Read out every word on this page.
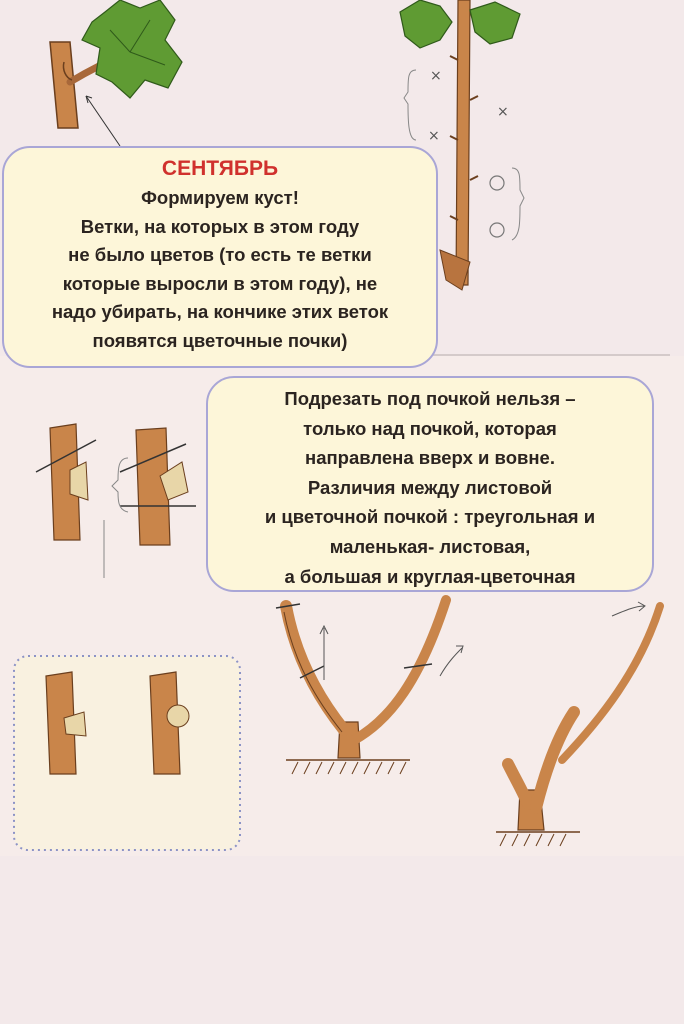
×
×
×
СЕНТЯБРЬ
Формируем куст!
Ветки, на которых в этом году
не было цветов (то есть те ветки
которые выросли в этом году), не
надо убирать, на кончике этих веток
появятся цветочные почки)
Подрезать под почкой нельзя –
только над почкой, которая
направлена вверх и вовне.
Различия между листовой
и цветочной почкой : треугольная и
маленькая- листовая,
а большая и круглая-цветочная
